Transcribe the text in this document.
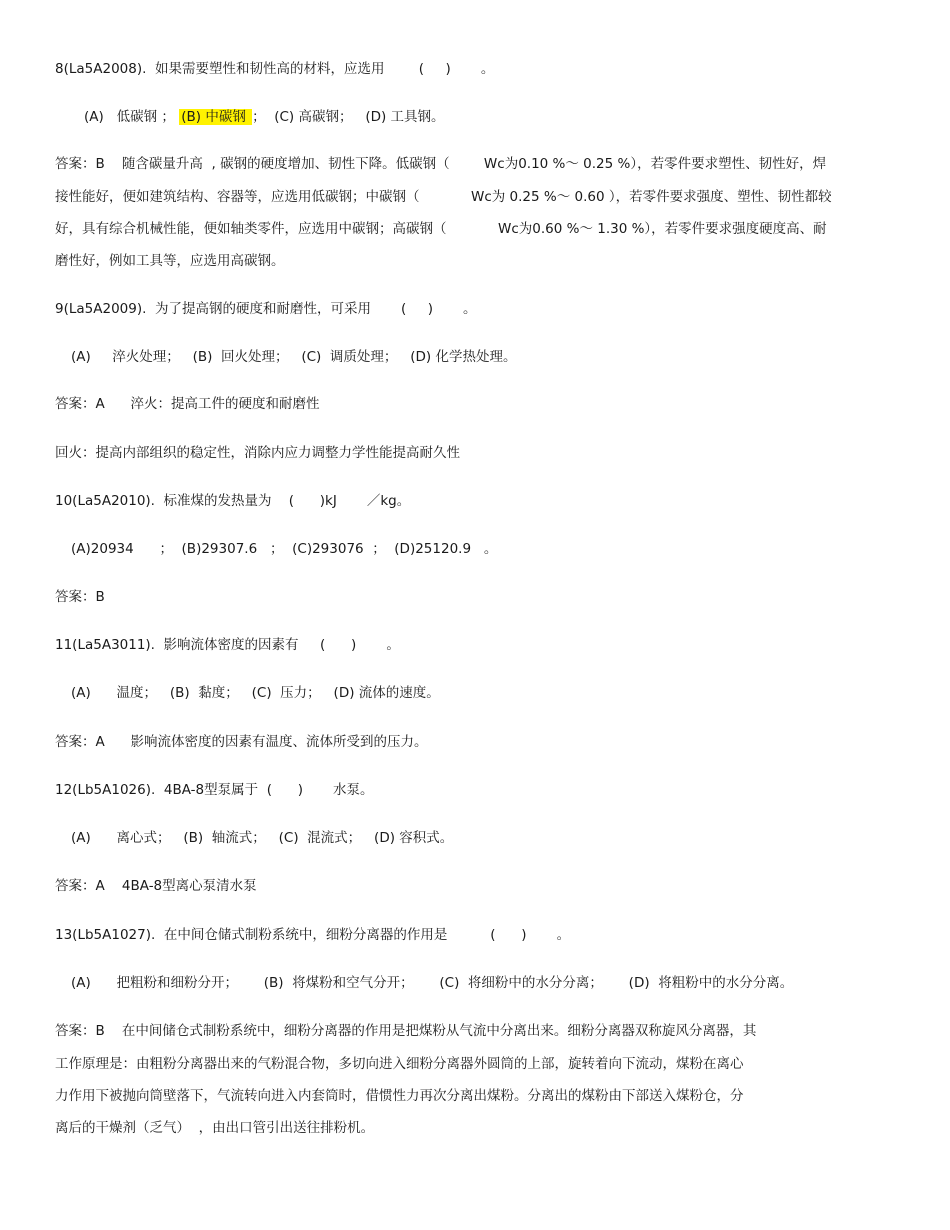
8(La5A2008).  如果需要塑性和韧性高的材料，应选用        (     )       。
(A)   低碳钢 ； (B) 中碳钢 ；  (C) 高碳钢；   (D) 工具钢。
答案：B    随含碳量升高  , 碳钢的硬度增加、韧性下降。低碳钢（        Wc为0.10 %～ 0.25 %），若零件要求塑性、韧性好，焊
接性能好，便如建筑结构、容器等，应选用低碳钢；中碳钢（            Wc为 0.25 %～ 0.60 ），若零件要求强度、塑性、韧性都较
好，具有综合机械性能，便如轴类零件，应选用中碳钢；高碳钢（            Wc为0.60 %～ 1.30 %），若零件要求强度硬度高、耐
磨性好，例如工具等，应选用高碳钢。
9(La5A2009).  为了提高钢的硬度和耐磨性，可采用       (     )       。
(A)     淬火处理；   (B)  回火处理；   (C)  调质处理；   (D) 化学热处理。
答案：A      淬火：提高工件的硬度和耐磨性
回火：提高内部组织的稳定性，消除内应力调整力学性能提高耐久性
10(La5A2010).  标准煤的发热量为    (      )kJ       ／kg。
(A)20934      ；  (B)29307.6   ；  (C)293076  ；  (D)25120.9   。
答案：B
11(La5A3011).  影响流体密度的因素有     (      )       。
(A)      温度；   (B)  黏度；   (C)  压力；   (D) 流体的速度。
答案：A      影响流体密度的因素有温度、流体所受到的压力。
12(Lb5A1026).  4BA-8型泵属于  (      )       水泵。
(A)      离心式；   (B)  轴流式；   (C)  混流式；   (D) 容积式。
答案：A    4BA-8型离心泵清水泵
13(Lb5A1027).  在中间仓储式制粉系统中，细粉分离器的作用是          (      )       。
(A)      把粗粉和细粉分开；      (B)  将煤粉和空气分开；      (C)  将细粉中的水分分离；      (D)  将粗粉中的水分分离。
答案：B    在中间储仓式制粉系统中，细粉分离器的作用是把煤粉从气流中分离出来。细粉分离器双称旋风分离器，其
工作原理是：由粗粉分离器出来的气粉混合物，多切向进入细粉分离器外圆筒的上部，旋转着向下流动，煤粉在离心
力作用下被抛向筒壁落下，气流转向进入内套筒时，借惯性力再次分离出煤粉。分离出的煤粉由下部送入煤粉仓，分
离后的干燥剂（乏气）  ，由出口管引出送往排粉机。
